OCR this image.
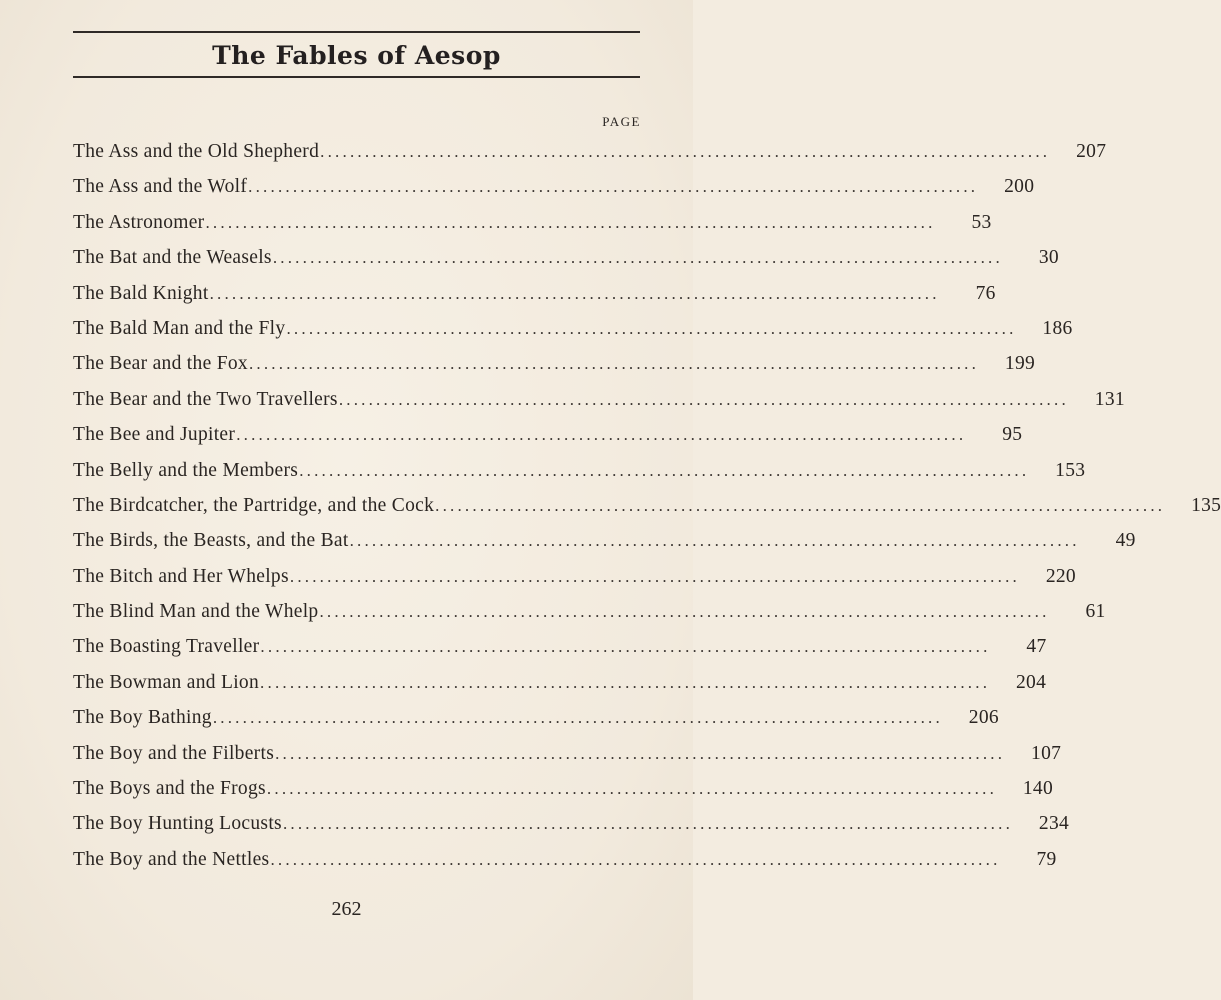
The Fables of Aesop
PAGE
The Ass and the Old Shepherd ..................................................................................................	207
The Ass and the Wolf ..................................................................................................	200
The Astronomer ..................................................................................................	53
The Bat and the Weasels ..................................................................................................	30
The Bald Knight ..................................................................................................	76
The Bald Man and the Fly ..................................................................................................	186
The Bear and the Fox ..................................................................................................	199
The Bear and the Two Travellers ..................................................................................................	131
The Bee and Jupiter ..................................................................................................	95
The Belly and the Members ..................................................................................................	153
The Birdcatcher, the Partridge, and the Cock ..................................................................................................	135
The Birds, the Beasts, and the Bat ..................................................................................................	49
The Bitch and Her Whelps ..................................................................................................	220
The Blind Man and the Whelp ..................................................................................................	61
The Boasting Traveller ..................................................................................................	47
The Bowman and Lion ..................................................................................................	204
The Boy Bathing ..................................................................................................	206
The Boy and the Filberts ..................................................................................................	107
The Boys and the Frogs ..................................................................................................	140
The Boy Hunting Locusts ..................................................................................................	234
The Boy and the Nettles ..................................................................................................	79
262
